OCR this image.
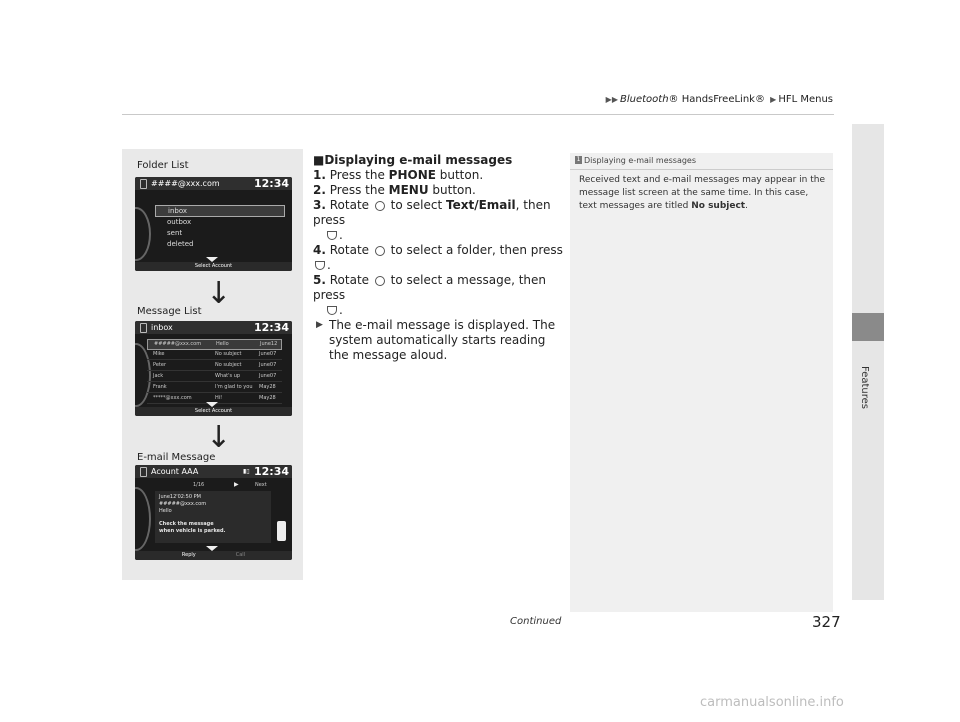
▶▶ Bluetooth® HandsFreeLink® ▶ HFL Menus
Features
Folder List
####@xxx.com	12:34
inbox
outbox
sent
deleted
Select Account
↓
Message List
inbox	12:34
#####@xxx.com	Hello	June12
Mike	No subject	June07
Peter	No subject	June07
Jack	What's up	June07
Frank	I'm glad to you May28
*****@xxx.com	Hi!	May28
Select Account
↓
E-mail Message
Acount AAA	▮▯ 12:34
1/16	▶	Next
June12'02:50 PM
#####@xxx.com
Hello
Check the message
when vehicle is parked.
Reply	Call
■Displaying e-mail messages
1. Press the PHONE button.
2. Press the MENU button.
3. Rotate  to select Text/Email, then press
.
4. Rotate  to select a folder, then press .
5. Rotate  to select a message, then press
.
▶ The e-mail message is displayed. The system automatically starts reading the message aloud.
1 Displaying e-mail messages
Received text and e-mail messages may appear in the message list screen at the same time. In this case, text messages are titled No subject.
Continued	327
carmanualsonline.info
